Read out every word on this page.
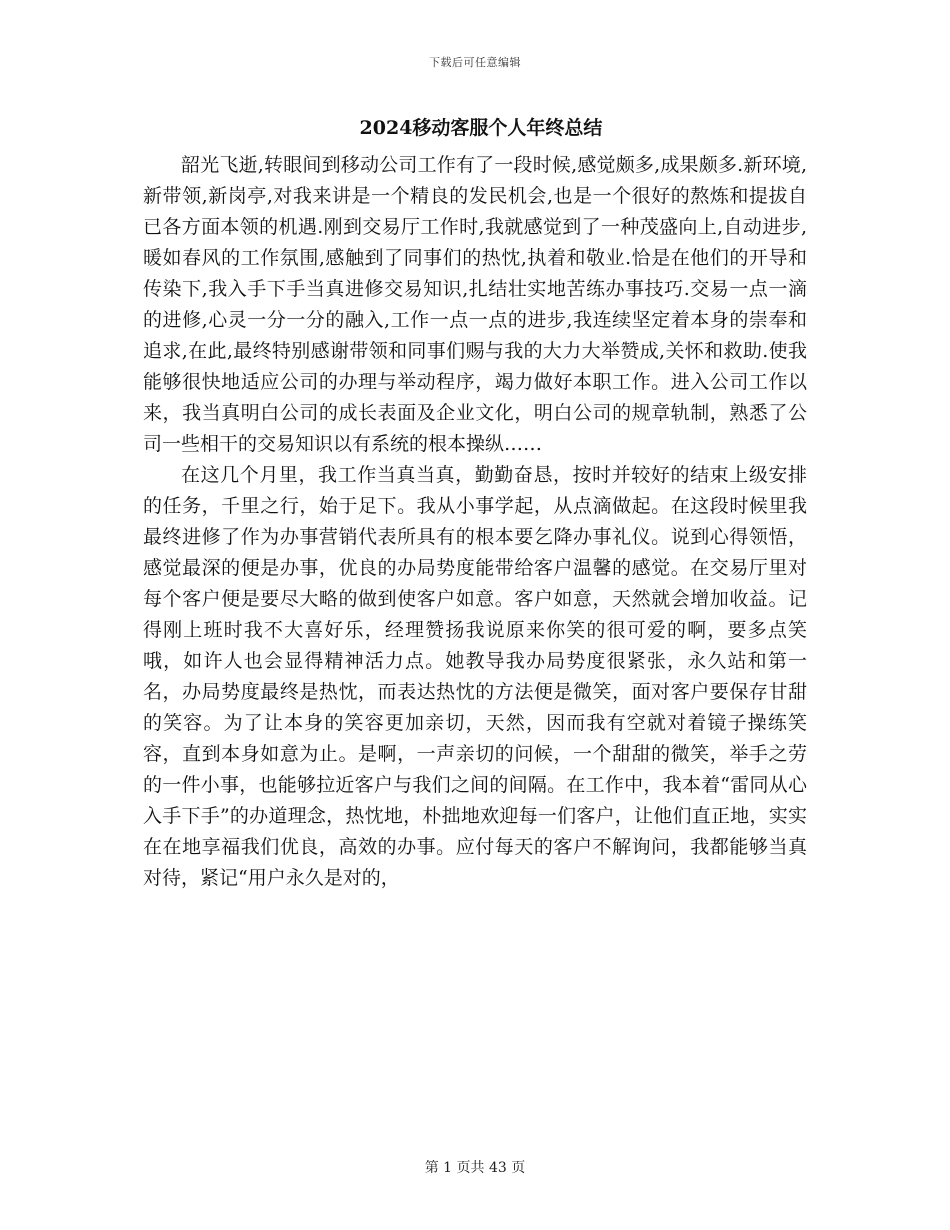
下载后可任意编辑
2024移动客服个人年终总结

韶光飞逝,转眼间到移动公司工作有了一段时候,感觉颇多,成果颇多.新环境,新带领,新岗亭,对我来讲是一个精良的发民机会,也是一个很好的熬炼和提拔自已各方面本领的机遇.刚到交易厅工作时,我就感觉到了一种茂盛向上,自动进步,暖如春风的工作氛围,感触到了同事们的热忱,执着和敬业.恰是在他们的开导和传染下,我入手下手当真进修交易知识,扎结壮实地苦练办事技巧.交易一点一滴的进修,心灵一分一分的融入,工作一点一点的进步,我连续坚定着本身的崇奉和追求,在此,最终特别感谢带领和同事们赐与我的大力大举赞成,关怀和救助.使我能够很快地适应公司的办理与举动程序，竭力做好本职工作。进入公司工作以来，我当真明白公司的成长表面及企业文化，明白公司的规章轨制，熟悉了公司一些相干的交易知识以有系统的根本操纵……

在这几个月里，我工作当真当真，勤勤奋恳，按时并较好的结束上级安排的任务，千里之行，始于足下。我从小事学起，从点滴做起。在这段时候里我最终进修了作为办事营销代表所具有的根本要乞降办事礼仪。说到心得领悟，感觉最深的便是办事，优良的办局势度能带给客户温馨的感觉。在交易厅里对每个客户便是要尽大略的做到使客户如意。客户如意，天然就会增加收益。记得刚上班时我不大喜好乐，经理赞扬我说原来你笑的很可爱的啊，要多点笑哦，如许人也会显得精神活力点。她教导我办局势度很紧张，永久站和第一名，办局势度最终是热忱，而表达热忱的方法便是微笑，面对客户要保存甘甜的笑容。为了让本身的笑容更加亲切，天然，因而我有空就对着镜子操练笑容，直到本身如意为止。是啊，一声亲切的问候，一个甜甜的微笑，举手之劳的一件小事，也能够拉近客户与我们之间的间隔。在工作中，我本着“雷同从心入手下手”的办道理念，热忱地，朴拙地欢迎每一们客户，让他们直正地，实实在在地享福我们优良，高效的办事。应付每天的客户不解询问，我都能够当真对待，紧记“用户永久是对的，

第 1 页共 43 页
